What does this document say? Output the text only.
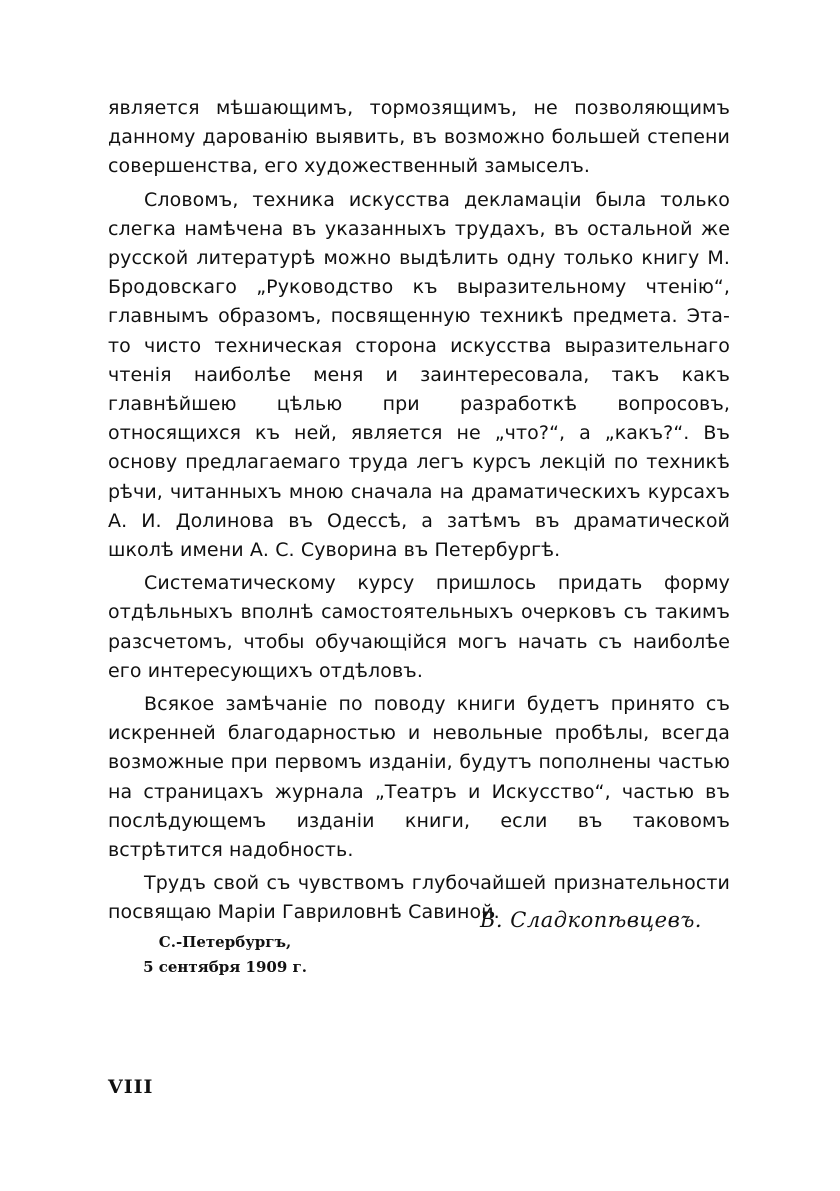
является мѣшающимъ, тормозящимъ, не позволяющимъ данному дарованію выявить, въ возможно большей степени совершенства, его художественный замыселъ.

Словомъ, техника искусства декламаціи была только слегка намѣчена въ указанныхъ трудахъ, въ остальной же русской литературѣ можно выдѣлить одну только книгу М. Бродовскаго „Руководство къ выразительному чтенію“, главнымъ образомъ, посвященную техникѣ предмета. Эта-то чисто техническая сторона искусства выразительнаго чтенія наиболѣе меня и заинтересовала, такъ какъ главнѣйшею цѣлью при разработкѣ вопросовъ, относящихся къ ней, является не „что?“, а „какъ?“. Въ основу предлагаемаго труда легъ курсъ лекцій по техникѣ рѣчи, читанныхъ мною сначала на драматическихъ курсахъ А. И. Долинова въ Одессѣ, а затѣмъ въ драматической школѣ имени А. С. Суворина въ Петербургѣ.

Систематическому курсу пришлось придать форму отдѣльныхъ вполнѣ самостоятельныхъ очерковъ съ такимъ разсчетомъ, чтобы обучающійся могъ начать съ наиболѣе его интересующихъ отдѣловъ.

Всякое замѣчаніе по поводу книги будетъ принято съ искренней благодарностью и невольные пробѣлы, всегда возможные при первомъ изданіи, будутъ пополнены частью на страницахъ журнала „Театръ и Искусство“, частью въ послѣдующемъ изданіи книги, если въ таковомъ встрѣтится надобность.

Трудъ свой съ чувствомъ глубочайшей признательности посвящаю Маріи Гавриловнѣ Савиной.

В. Сладкопѣвцевъ.
С.-Петербургъ,
5 сентября 1909 г.
VIII
